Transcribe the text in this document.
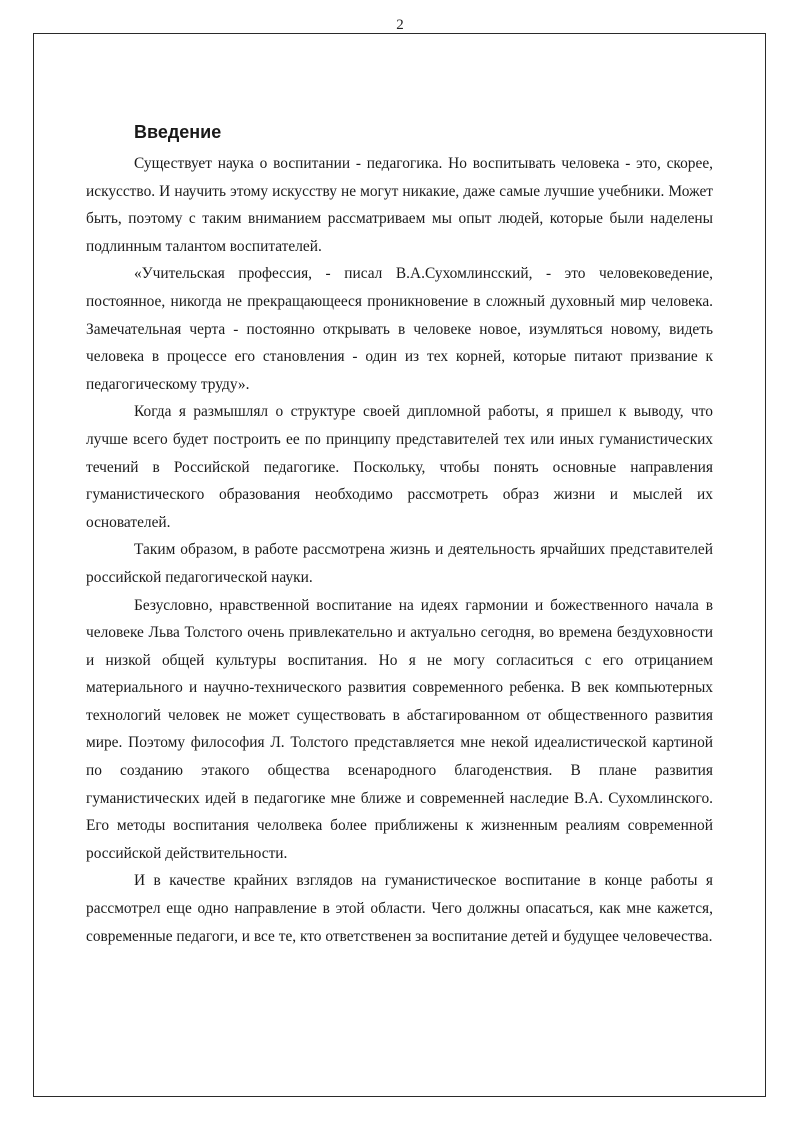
2
Введение

Существует наука о воспитании - педагогика. Но воспитывать человека - это, скорее, искусство. И научить этому искусству не могут никакие, даже самые лучшие учебники. Может быть, поэтому с таким вниманием рассматриваем мы опыт людей, которые были наделены подлинным талантом воспитателей.

«Учительская профессия, - писал В.А.Сухомлинсский, - это человековедение, постоянное, никогда не прекращающееся проникновение в сложный духовный мир человека. Замечательная черта - постоянно открывать в человеке новое, изумляться новому, видеть человека в процессе его становления - один из тех корней, которые питают призвание к педагогическому труду».

Когда я размышлял о структуре своей дипломной работы, я пришел к выводу, что лучше всего будет построить ее по принципу представителей тех или иных гуманистических течений в Российской педагогике. Поскольку, чтобы понять основные направления гуманистического образования необходимо рассмотреть образ жизни и мыслей их основателей.

Таким образом, в работе рассмотрена жизнь и деятельность ярчайших представителей российской педагогической науки.

Безусловно, нравственной воспитание на идеях гармонии и божественного начала в человеке Льва Толстого очень привлекательно и актуально сегодня, во времена бездуховности и низкой общей культуры воспитания. Но я не могу согласиться с его отрицанием материального и научно-технического развития современного ребенка. В век компьютерных технологий человек не может существовать в абстагированном от общественного развития мире. Поэтому философия Л. Толстого представляется мне некой идеалистической картиной по созданию этакого общества всенародного благоденствия. В плане развития гуманистических идей в педагогике мне ближе и современней наследие В.А. Сухомлинского. Его методы воспитания челолвека более приближены к жизненным реалиям современной российской действительности.

И в качестве крайних взглядов на гуманистическое воспитание в конце работы я рассмотрел еще одно направление в этой области. Чего должны опасаться, как мне кажется, современные педагоги, и все те, кто ответственен за воспитание детей и будущее человечества.
